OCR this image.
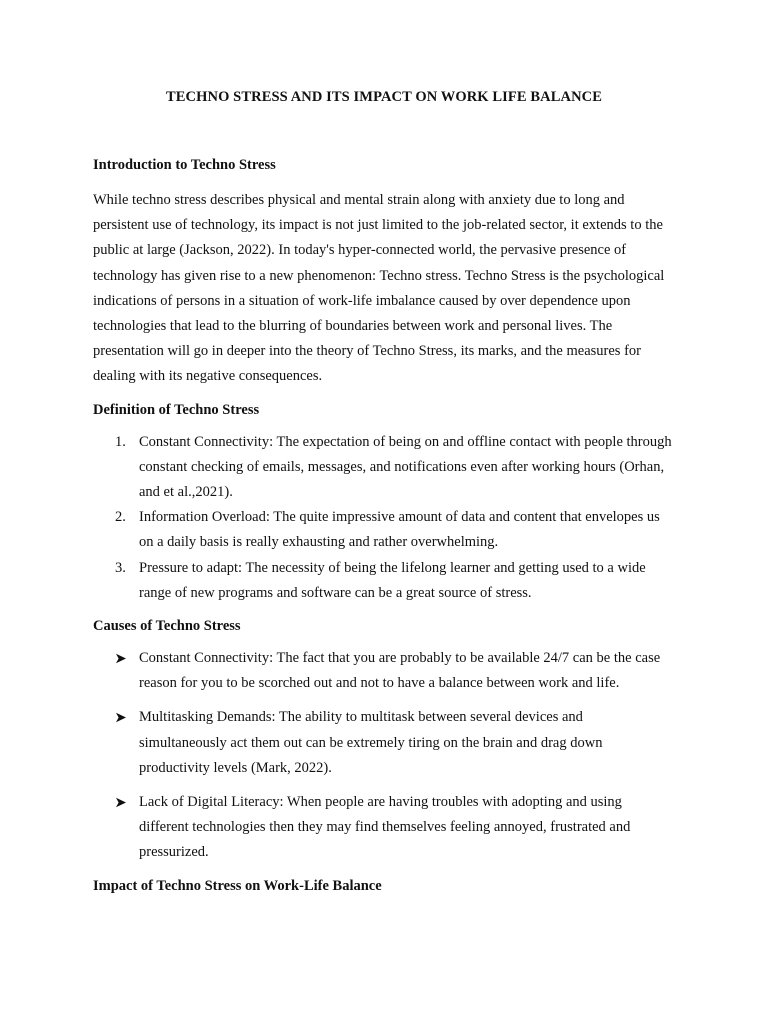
TECHNO STRESS AND ITS IMPACT ON WORK LIFE BALANCE
Introduction to Techno Stress

While techno stress describes physical and mental strain along with anxiety due to long and persistent use of technology, its impact is not just limited to the job-related sector, it extends to the public at large (Jackson, 2022). In today's hyper-connected world, the pervasive presence of technology has given rise to a new phenomenon: Techno stress. Techno Stress is the psychological indications of persons in a situation of work-life imbalance caused by over dependence upon technologies that lead to the blurring of boundaries between work and personal lives. The presentation will go in deeper into the theory of Techno Stress, its marks, and the measures for dealing with its negative consequences.

Definition of Techno Stress
1. Constant Connectivity: The expectation of being on and offline contact with people through constant checking of emails, messages, and notifications even after working hours (Orhan, and et al.,2021).
2. Information Overload: The quite impressive amount of data and content that envelopes us on a daily basis is really exhausting and rather overwhelming.
3. Pressure to adapt: The necessity of being the lifelong learner and getting used to a wide range of new programs and software can be a great source of stress.
Causes of Techno Stress
Constant Connectivity: The fact that you are probably to be available 24/7 can be the case reason for you to be scorched out and not to have a balance between work and life.
Multitasking Demands: The ability to multitask between several devices and simultaneously act them out can be extremely tiring on the brain and drag down productivity levels (Mark, 2022).
Lack of Digital Literacy: When people are having troubles with adopting and using different technologies then they may find themselves feeling annoyed, frustrated and pressurized.
Impact of Techno Stress on Work-Life Balance
